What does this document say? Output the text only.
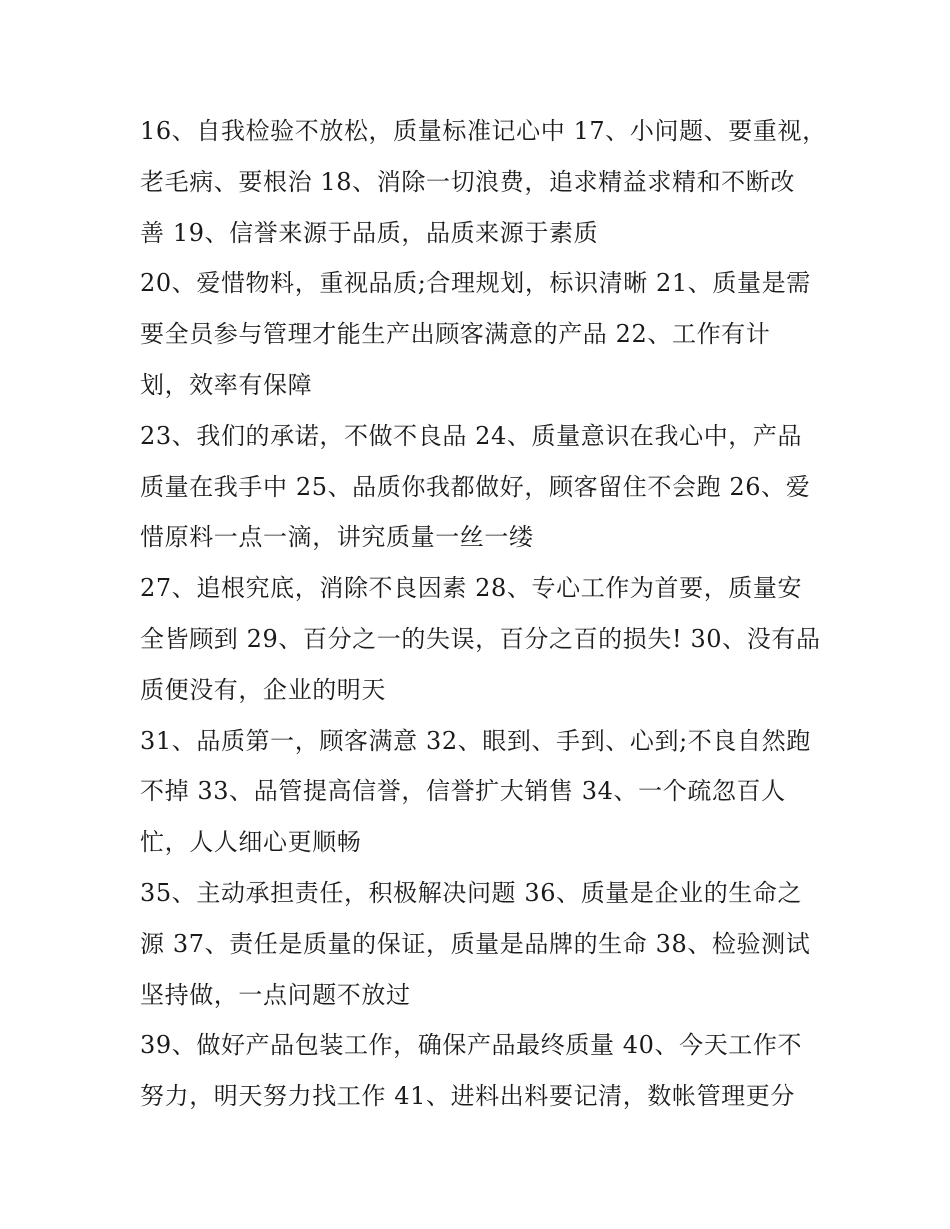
16、自我检验不放松，质量标准记心中 17、小问题、要重视，
老毛病、要根治 18、消除一切浪费，追求精益求精和不断改
善 19、信誉来源于品质，品质来源于素质
20、爱惜物料，重视品质;合理规划，标识清晰 21、质量是需
要全员参与管理才能生产出顾客满意的产品 22、工作有计
划，效率有保障
23、我们的承诺，不做不良品 24、质量意识在我心中，产品
质量在我手中 25、品质你我都做好，顾客留住不会跑 26、爱
惜原料一点一滴，讲究质量一丝一缕
27、追根究底，消除不良因素 28、专心工作为首要，质量安
全皆顾到 29、百分之一的失误，百分之百的损失! 30、没有品
质便没有，企业的明天
31、品质第一，顾客满意 32、眼到、手到、心到;不良自然跑
不掉 33、品管提高信誉，信誉扩大销售 34、一个疏忽百人
忙，人人细心更顺畅
35、主动承担责任，积极解决问题 36、质量是企业的生命之
源 37、责任是质量的保证，质量是品牌的生命 38、检验测试
坚持做，一点问题不放过
39、做好产品包装工作，确保产品最终质量 40、今天工作不
努力，明天努力找工作 41、进料出料要记清，数帐管理更分
